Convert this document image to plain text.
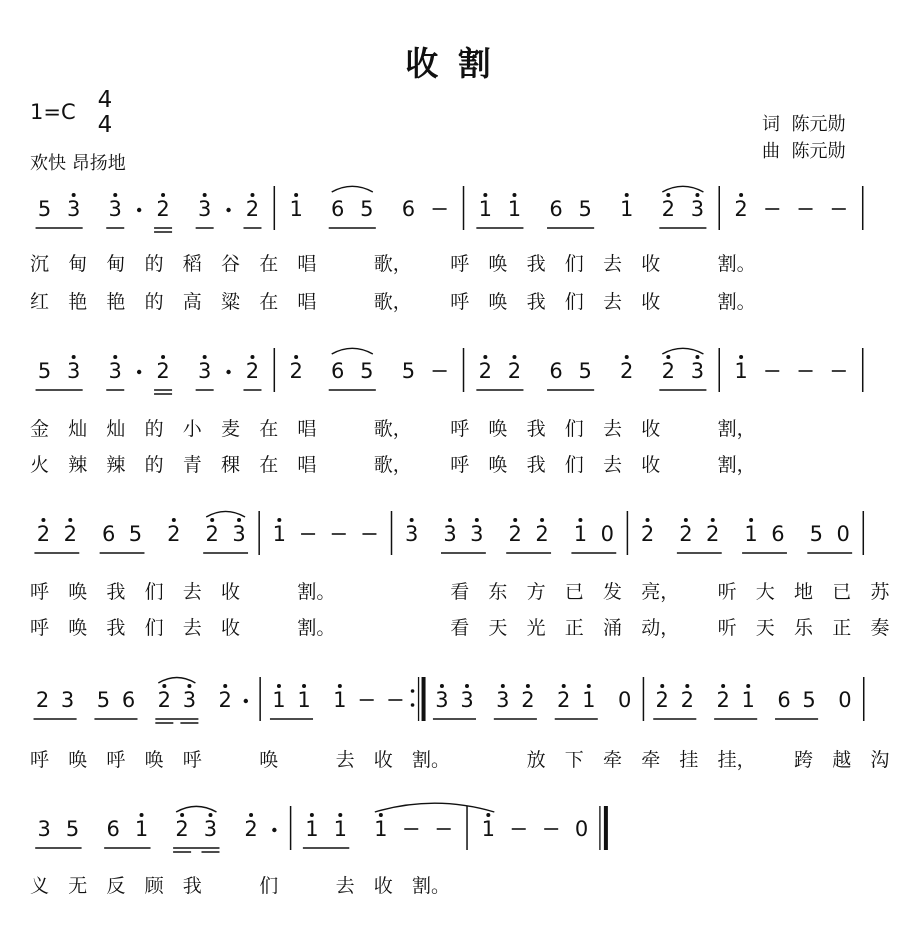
收 割
1=C 4
4
欢快 昂扬地
词  陈元勋
曲  陈元勋
5 3 3 2 3 2 1 6 5 6	1 1 6 5 1 2 3 2
沉 甸 甸 的 稻 谷 在 唱	歌， 呼 唤 我 们 去 收	割。
红 艳 艳 的 高 粱 在 唱	歌， 呼 唤 我 们 去 收	割。
5 3 3 2 3 2 2 6 5 5	2 2 6 5 2 2 3 1
金 灿 灿 的 小 麦 在 唱	歌， 呼 唤 我 们 去 收	割，
火 辣 辣 的 青 稞 在 唱	歌， 呼 唤 我 们 去 收	割，
2 2 6 5 2 2 3 1	3 3 3 2 2 1 0 2 2 2 1 6 5 0
呼 唤 我 们 去 收	割。	看 东 方 已 发 亮， 听 大 地 已 苏
呼 唤 我 们 去 收	割。	看 天 光 正 涌 动， 听 天 乐 正 奏
2 3 5 6 2 3 2 1 1 1	3 3 3 2 2 1 0 2 2 2 1 6 5 0
呼 唤 呼 唤 呼	唤	去 收 割。	放 下 牵 牵 挂 挂， 跨 越 沟
3 5 6 1 2 3 2 1 1 1	1	0
义 无 反 顾 我	们	去 收 割。
